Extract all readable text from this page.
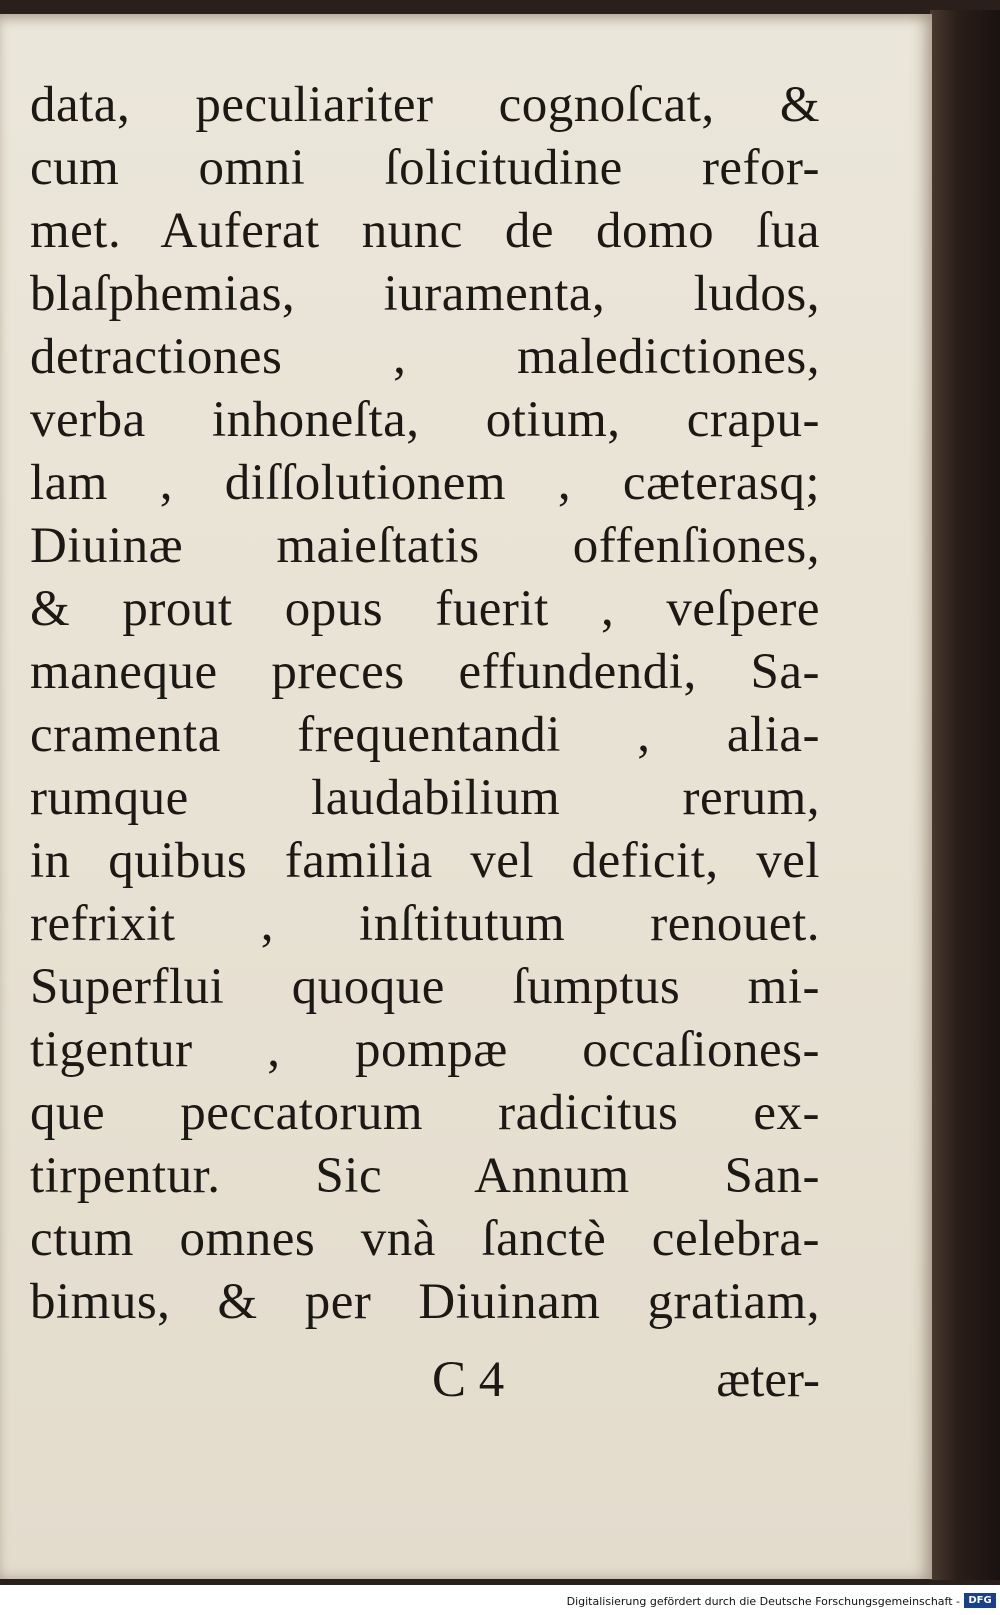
data, peculiariter cognoſcat, &
cum omni ſolicitudine refor-
met. Auferat nunc de domo ſua
blaſphemias, iuramenta, ludos,
detractiones , maledictiones,
verba inhoneſta, otium, crapu-
lam , diſſolutionem , cæterasq;
Diuinæ maieſtatis offenſiones,
& prout opus fuerit , veſpere
maneque preces effundendi, Sa-
cramenta frequentandi , alia-
rumque laudabilium rerum,
in quibus familia vel deficit, vel
refrixit , inſtitutum renouet.
Superflui quoque ſumptus mi-
tigentur , pompæ occaſiones-
que peccatorum radicitus ex-
tirpentur. Sic Annum San-
ctum omnes vnà ſanctè celebra-
bimus, & per Diuinam gratiam,
C 4	æter-
Digitalisierung gefördert durch die Deutsche Forschungsgemeinschaft - DFG
